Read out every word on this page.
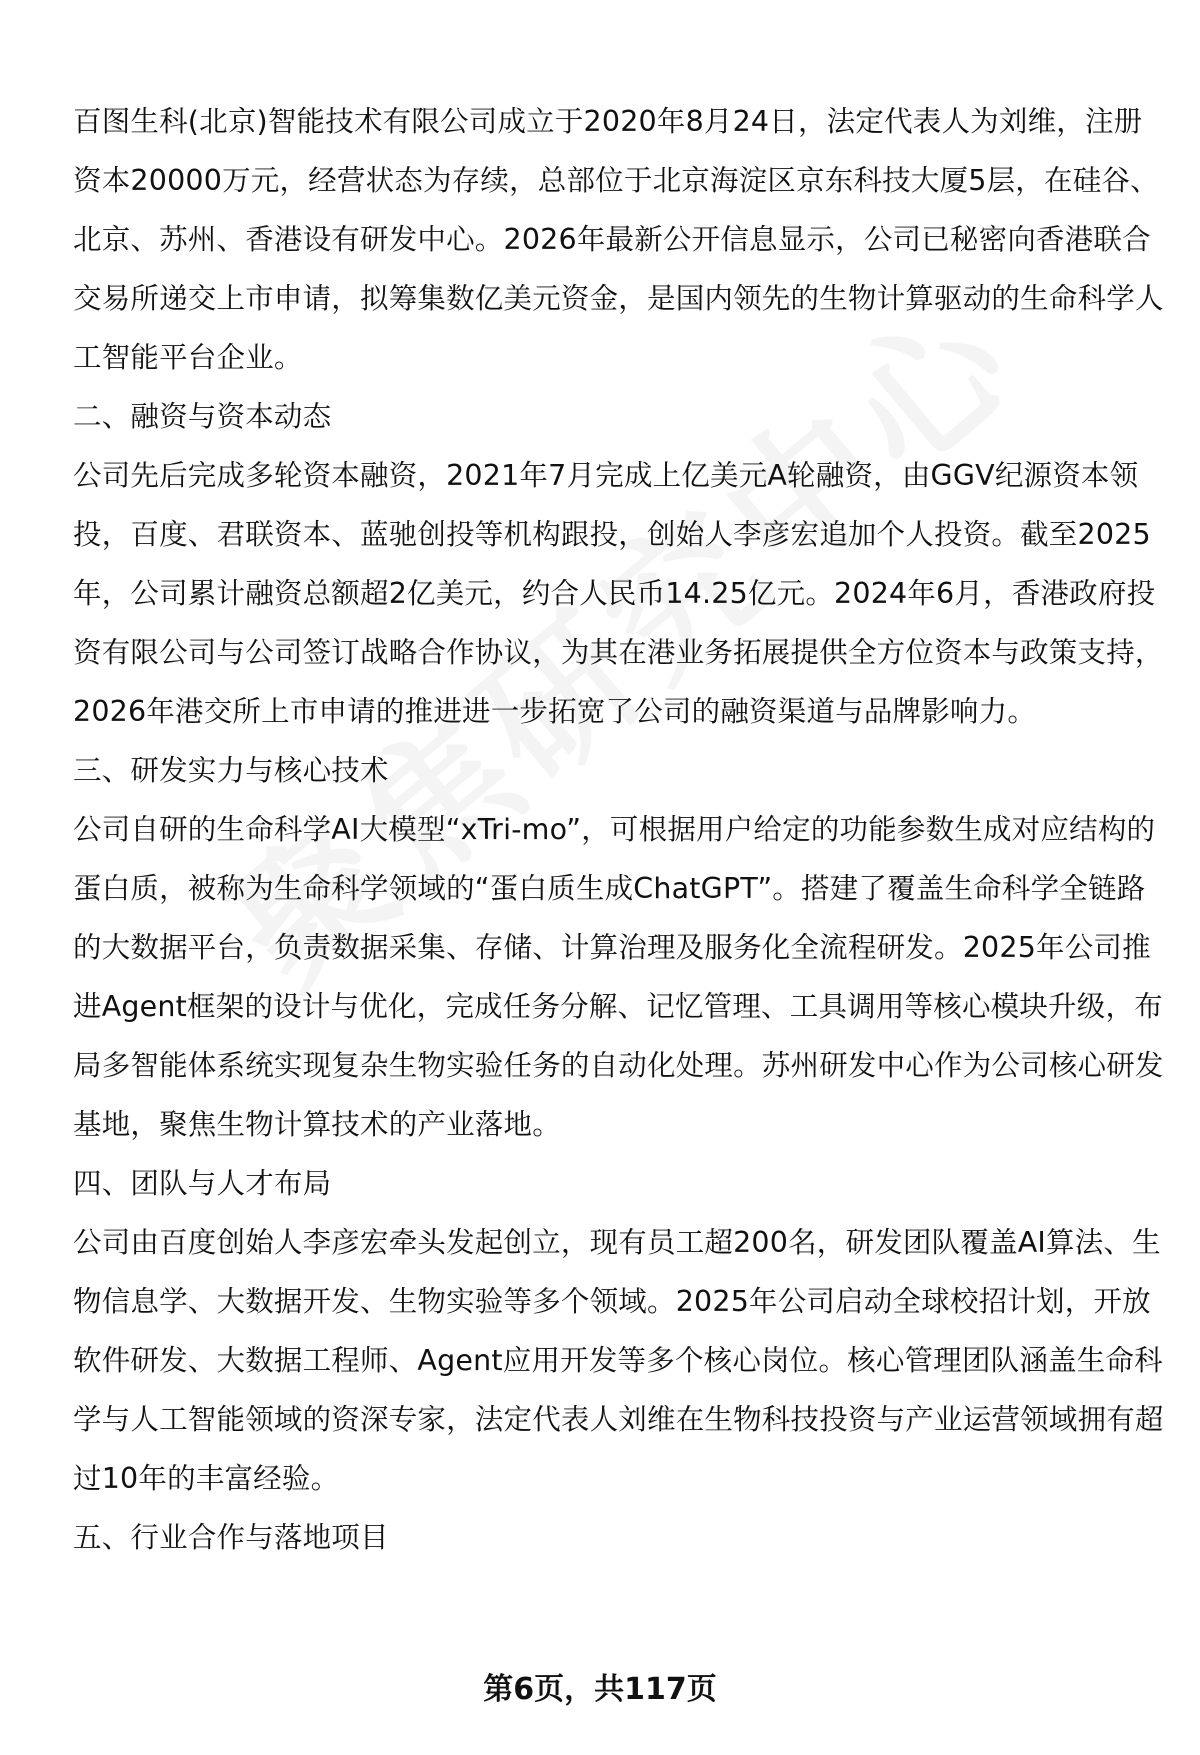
百图生科(北京)智能技术有限公司成立于2020年8月24日，法定代表人为刘维，注册资本20000万元，经营状态为存续，总部位于北京海淀区京东科技大厦5层，在硅谷、北京、苏州、香港设有研发中心。2026年最新公开信息显示，公司已秘密向香港联合交易所递交上市申请，拟筹集数亿美元资金，是国内领先的生物计算驱动的生命科学人工智能平台企业。

二、融资与资本动态

公司先后完成多轮资本融资，2021年7月完成上亿美元A轮融资，由GGV纪源资本领投，百度、君联资本、蓝驰创投等机构跟投，创始人李彦宏追加个人投资。截至2025年，公司累计融资总额超2亿美元，约合人民币14.25亿元。2024年6月，香港政府投资有限公司与公司签订战略合作协议，为其在港业务拓展提供全方位资本与政策支持，2026年港交所上市申请的推进进一步拓宽了公司的融资渠道与品牌影响力。

三、研发实力与核心技术

公司自研的生命科学AI大模型“xTri-mo”，可根据用户给定的功能参数生成对应结构的蛋白质，被称为生命科学领域的“蛋白质生成ChatGPT”。搭建了覆盖生命科学全链路的大数据平台，负责数据采集、存储、计算治理及服务化全流程研发。2025年公司推进Agent框架的设计与优化，完成任务分解、记忆管理、工具调用等核心模块升级，布局多智能体系统实现复杂生物实验任务的自动化处理。苏州研发中心作为公司核心研发基地，聚焦生物计算技术的产业落地。

四、团队与人才布局

公司由百度创始人李彦宏牵头发起创立，现有员工超200名，研发团队覆盖AI算法、生物信息学、大数据开发、生物实验等多个领域。2025年公司启动全球校招计划，开放软件研发、大数据工程师、Agent应用开发等多个核心岗位。核心管理团队涵盖生命科学与人工智能领域的资深专家，法定代表人刘维在生物科技投资与产业运营领域拥有超过10年的丰富经验。

五、行业合作与落地项目

第6页，共117页
